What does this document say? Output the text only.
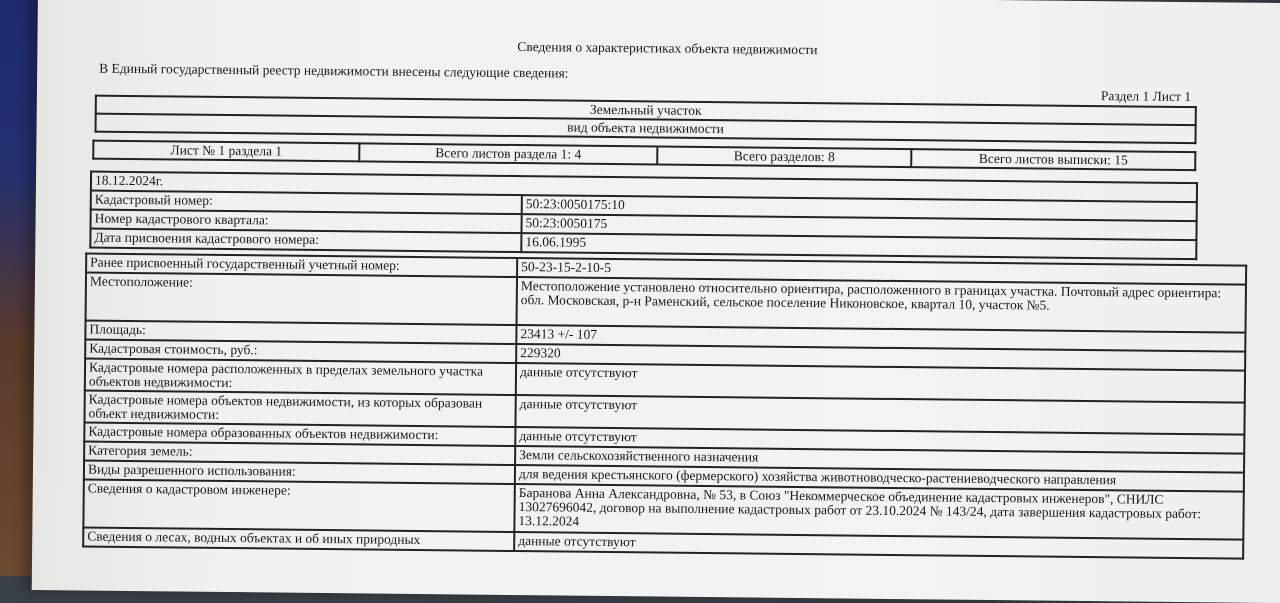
Сведения о характеристиках объекта недвижимости
В Единый государственный реестр недвижимости внесены следующие сведения:
Раздел 1 Лист 1
Земельный участок
вид объекта недвижимости
Лист № 1 раздела 1	Всего листов раздела 1: 4	Всего разделов: 8	Всего листов выписки: 15
18.12.2024г.	
Кадастровый номер:	50:23:0050175:10
Номер кадастрового квартала:	50:23:0050175
Дата присвоения кадастрового номера:	16.06.1995
Ранее присвоенный государственный учетный номер:	50-23-15-2-10-5
Местоположение:	Местоположение установлено относительно ориентира, расположенного в границах участка. Почтовый адрес ориентира: обл. Московская, р-н Раменский, сельское поселение Никоновское, квартал 10, участок №5.
Площадь:	23413 +/- 107
Кадастровая стоимость, руб.:	229320
Кадастровые номера расположенных в пределах земельного участка объектов недвижимости:	данные отсутствуют
Кадастровые номера объектов недвижимости, из которых образован объект недвижимости:	данные отсутствуют
Кадастровые номера образованных объектов недвижимости:	данные отсутствуют
Категория земель:	Земли сельскохозяйственного назначения
Виды разрешенного использования:	для ведения крестьянского (фермерского) хозяйства животноводческо-растениеводческого направления
Сведения о кадастровом инженере:	Баранова Анна Александровна, № 53, в Союз "Некоммерческое объединение кадастровых инженеров", СНИЛС 13027696042, договор на выполнение кадастровых работ от 23.10.2024 № 143/24, дата завершения кадастровых работ: 13.12.2024
Сведения о лесах, водных объектах и об иных природных	данные отсутствуют
